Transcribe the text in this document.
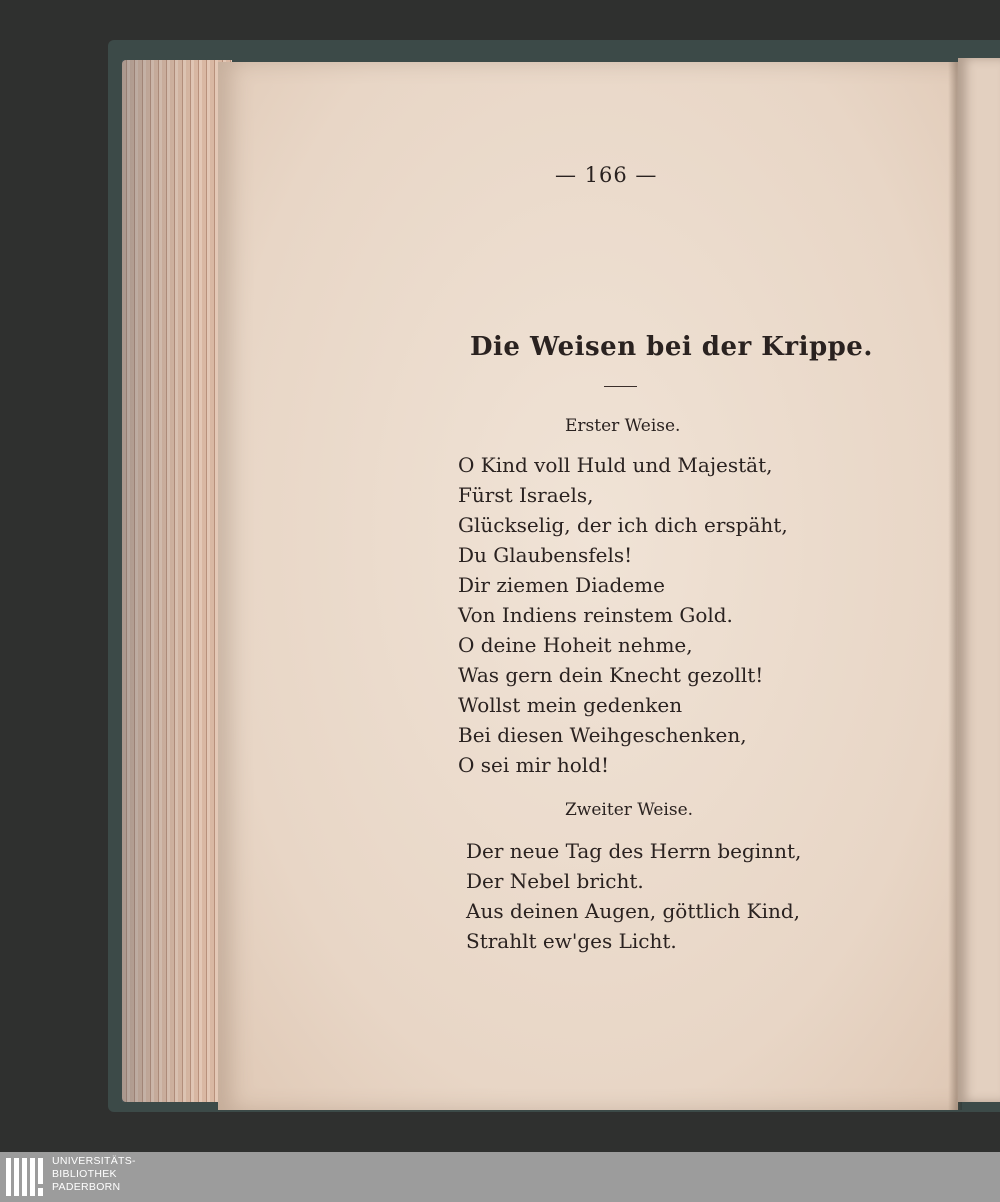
— 166 —
Die Weisen bei der Krippe.
Erster Weise.
O Kind voll Huld und Majestät,
Fürst Israels,
Glückselig, der ich dich erspäht,
Du Glaubensfels!
Dir ziemen Diademe
Von Indiens reinstem Gold.
O deine Hoheit nehme,
Was gern dein Knecht gezollt!
Wollst mein gedenken
Bei diesen Weihgeschenken,
O sei mir hold!
Zweiter Weise.
Der neue Tag des Herrn beginnt,
Der Nebel bricht.
Aus deinen Augen, göttlich Kind,
Strahlt ew'ges Licht.
UNIVERSITÄTS-
BIBLIOTHEK
PADERBORN
